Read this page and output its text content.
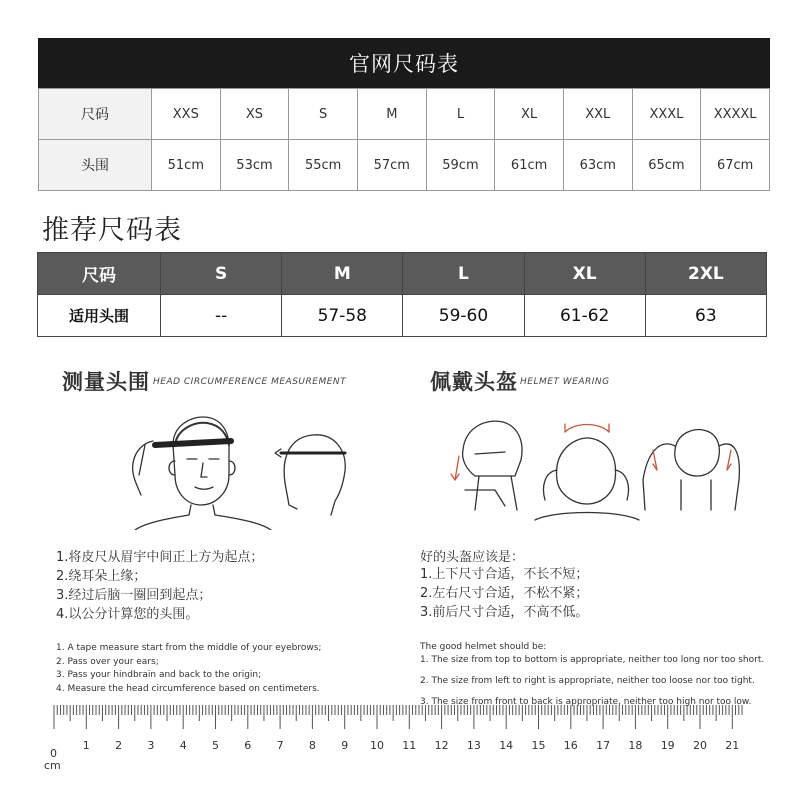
官网尺码表
尺码	XXS	XS	S	M	L	XL	XXL	XXXL	XXXXL
头围	51cm	53cm	55cm	57cm	59cm	61cm	63cm	65cm	67cm
推荐尺码表
尺码	S	M	L	XL	2XL
适用头围	--	57-58	59-60	61-62	63
测量头围 HEAD CIRCUMFERENCE MEASUREMENT
1.将皮尺从眉宇中间正上方为起点；
2.绕耳朵上缘；
3.经过后脑一圈回到起点；
4.以公分计算您的头围。
1. A tape measure start from the middle of your eyebrows;
2. Pass over your ears;
3. Pass your hindbrain and back to the origin;
4. Measure the head circumference based on centimeters.
佩戴头盔 HELMET WEARING
好的头盔应该是：
1.上下尺寸合适，不长不短；
2.左右尺寸合适，不松不紧；
3.前后尺寸合适，不高不低。
The good helmet should be:
1. The size from top to bottom is appropriate, neither too long nor too short.
2. The size from left to right is appropriate, neither too loose nor too tight.
3. The size from front to back is appropriate, neither too high nor too low.
1 2 3 4 5 6 7 8 9 10 11 12 13 14 15 16 17 18 19 20 21
0
cm
